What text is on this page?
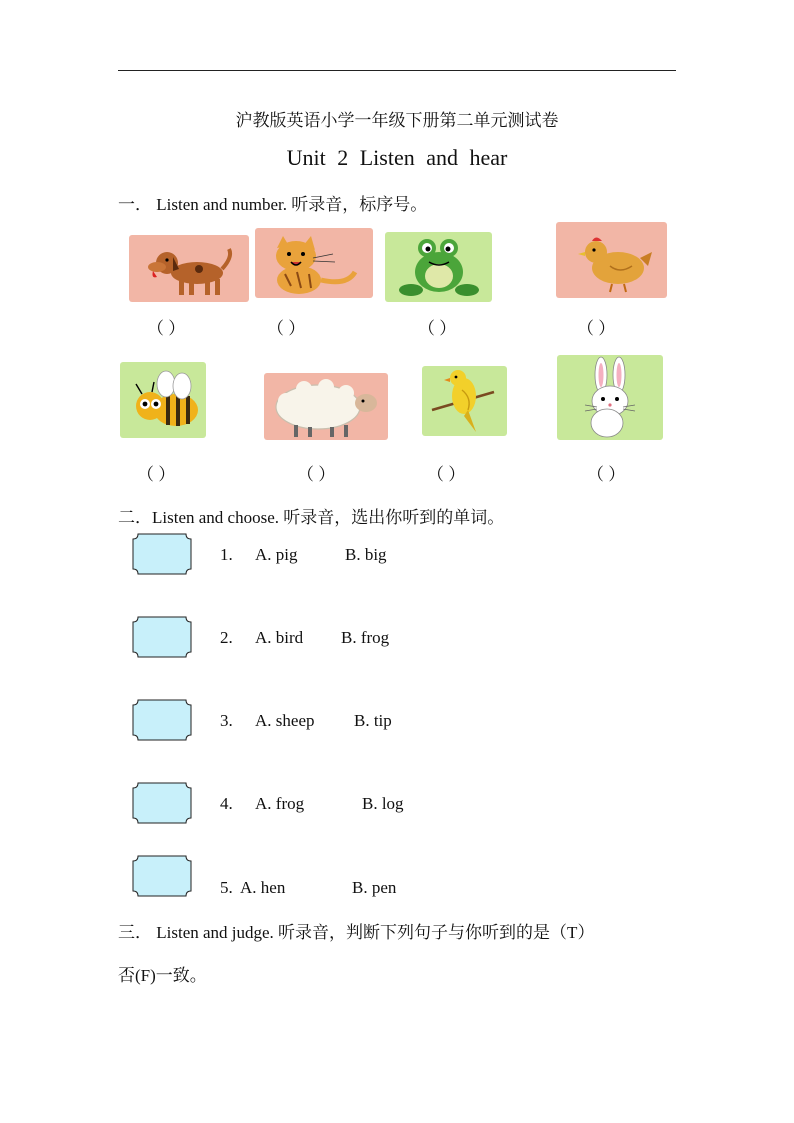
沪教版英语小学一年级下册第二单元测试卷
Unit 2 Listen and hear
一． Listen and number. 听录音，标序号。
（ ）	（ ）	（ ）	（ ）
（ ）	（ ）	（ ）	（ ）
二．Listen and choose. 听录音，选出你听到的单词。
1. A. pig	B. big
2. A. bird B. frog
3. A. sheep B. tip
4. A. frog	B. log
5. A. hen	B. pen
三． Listen and judge. 听录音，判断下列句子与你听到的是（T）
否(F)一致。
